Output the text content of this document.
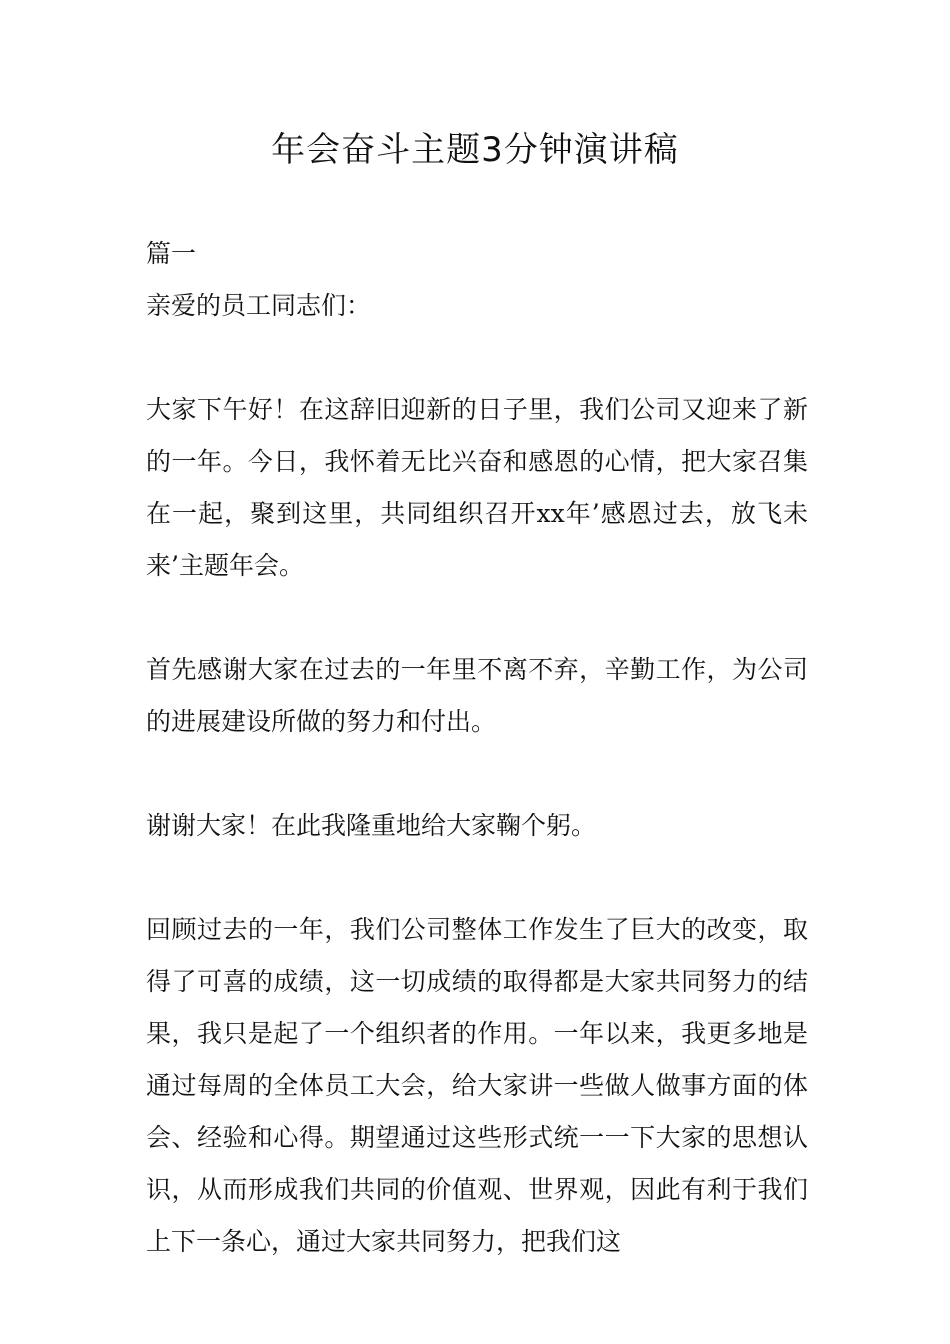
年会奋斗主题3分钟演讲稿

篇一

亲爱的员工同志们：

大家下午好！在这辞旧迎新的日子里，我们公司又迎来了新的一年。今日，我怀着无比兴奋和感恩的心情，把大家召集在一起，聚到这里，共同组织召开xx年’感恩过去，放飞未来’主题年会。

首先感谢大家在过去的一年里不离不弃，辛勤工作，为公司的进展建设所做的努力和付出。

谢谢大家！在此我隆重地给大家鞠个躬。

回顾过去的一年，我们公司整体工作发生了巨大的改变，取得了可喜的成绩，这一切成绩的取得都是大家共同努力的结果，我只是起了一个组织者的作用。一年以来，我更多地是通过每周的全体员工大会，给大家讲一些做人做事方面的体会、经验和心得。期望通过这些形式统一一下大家的思想认识，从而形成我们共同的价值观、世界观，因此有利于我们上下一条心，通过大家共同努力，把我们这
